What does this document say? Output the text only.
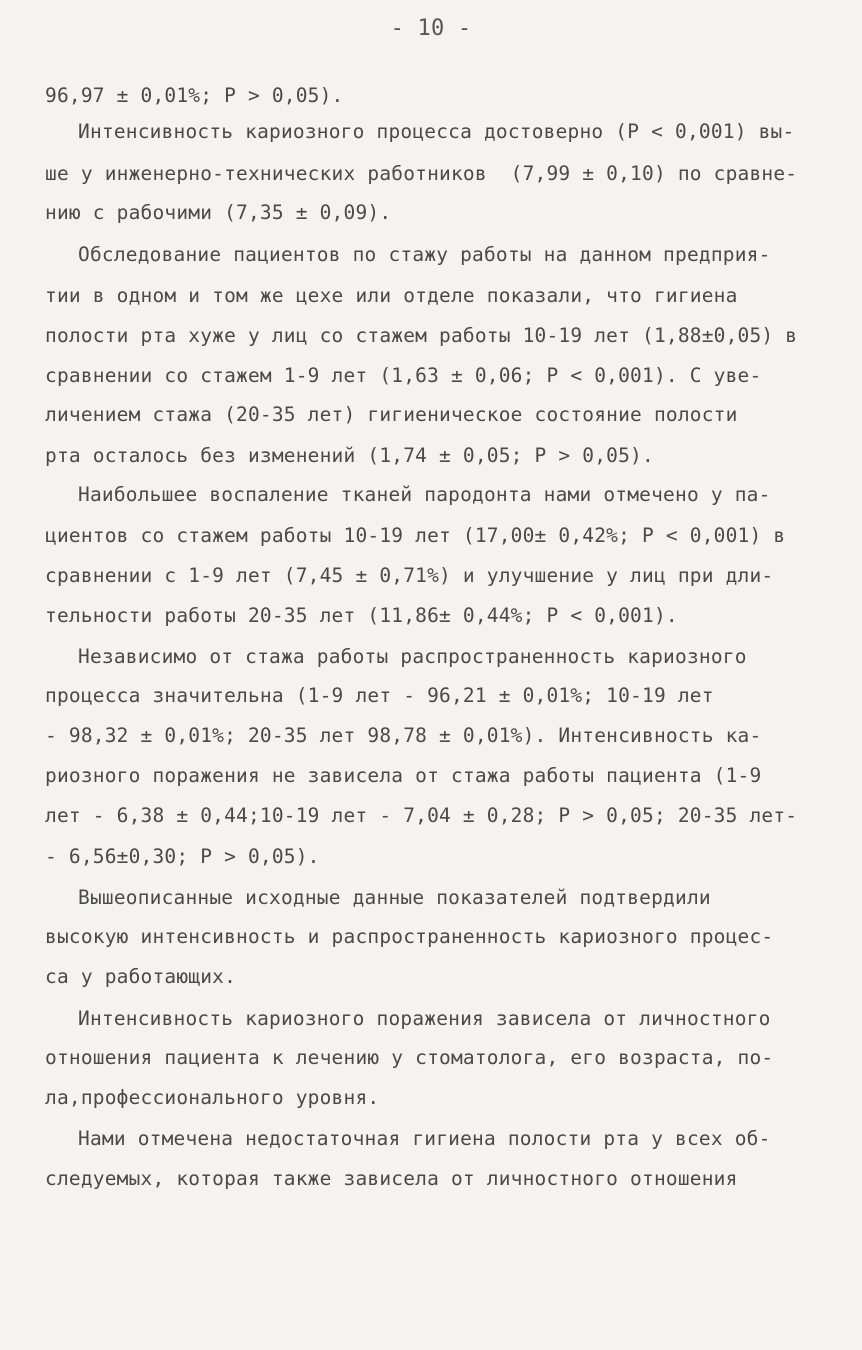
- 10 -
96,97 ± 0,01%; P > 0,05).
Интенсивность кариозного процесса достоверно (Р < 0,001) вы-
ше у инженерно-технических работников  (7,99 ± 0,10) по сравне-
нию с рабочими (7,35 ± 0,09).
Обследование пациентов по стажу работы на данном предприя-
тии в одном и том же цехе или отделе показали, что гигиена
полости рта хуже у лиц со стажем работы 10-19 лет (1,88±0,05) в
сравнении со стажем 1-9 лет (1,63 ± 0,06; P < 0,001). С уве-
личением стажа (20-35 лет) гигиеническое состояние полости
рта осталось без изменений (1,74 ± 0,05; P > 0,05).
Наибольшее воспаление тканей пародонта нами отмечено у па-
циентов со стажем работы 10-19 лет (17,00± 0,42%; P < 0,001) в
сравнении с 1-9 лет (7,45 ± 0,71%) и улучшение у лиц при дли-
тельности работы 20-35 лет (11,86± 0,44%; P < 0,001).
Независимо от стажа работы распространенность кариозного
процесса значительна (1-9 лет - 96,21 ± 0,01%; 10-19 лет
- 98,32 ± 0,01%; 20-35 лет 98,78 ± 0,01%). Интенсивность ка-
риозного поражения не зависела от стажа работы пациента (1-9
лет - 6,38 ± 0,44;10-19 лет - 7,04 ± 0,28; P > 0,05; 20-35 лет-
- 6,56±0,30; P > 0,05).
Вышеописанные исходные данные показателей подтвердили
высокую интенсивность и распространенность кариозного процес-
са у работающих.
Интенсивность кариозного поражения зависела от личностного
отношения пациента к лечению у стоматолога, его возраста, по-
ла,профессионального уровня.
Нами отмечена недостаточная гигиена полости рта у всех об-
следуемых, которая также зависела от личностного отношения
